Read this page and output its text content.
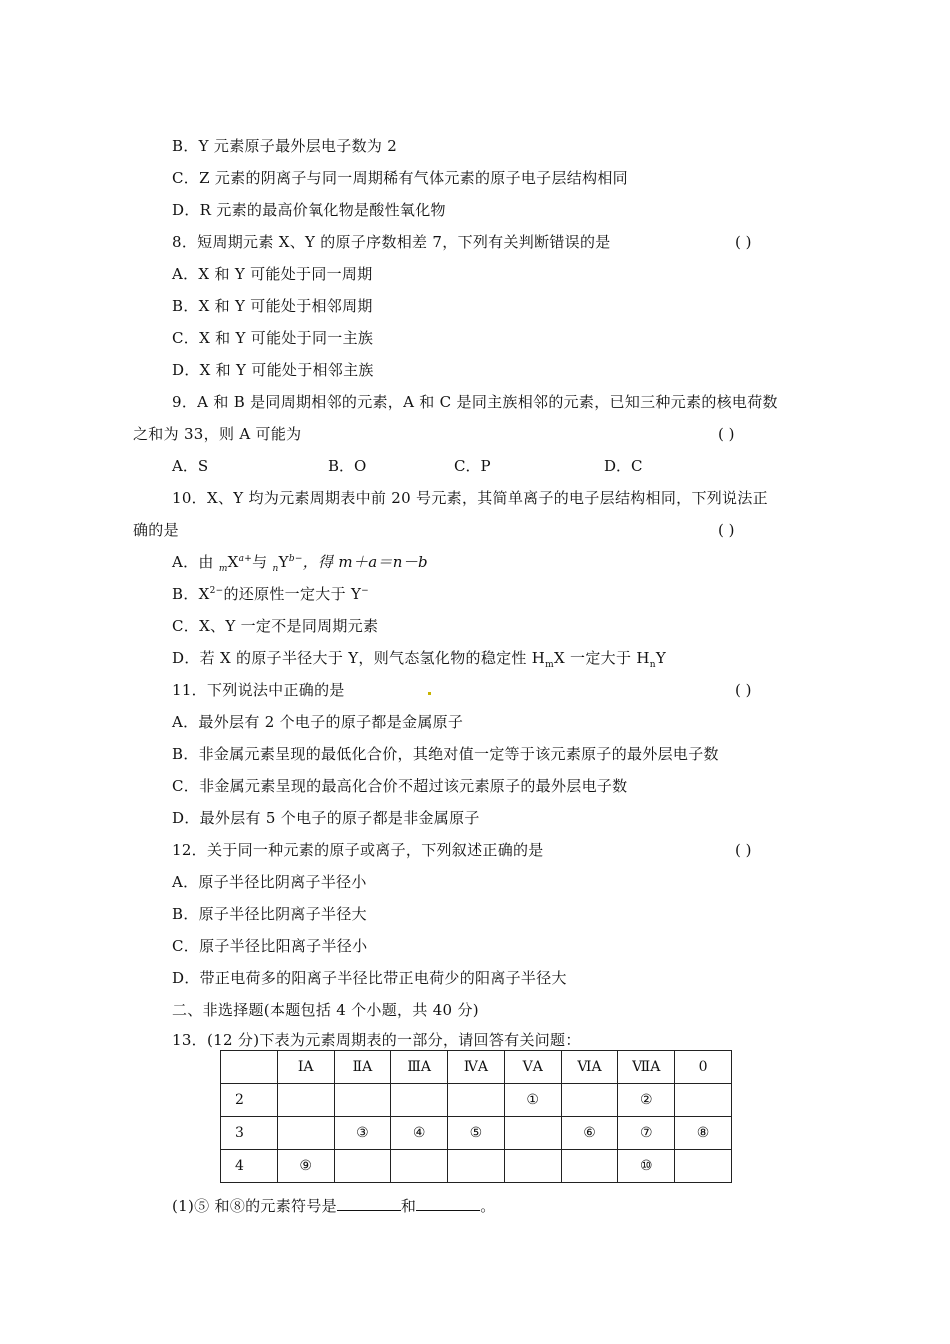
B．Y 元素原子最外层电子数为 2
C．Z 元素的阴离子与同一周期稀有气体元素的原子电子层结构相同
D．R 元素的最高价氧化物是酸性氧化物
8．短周期元素 X、Y 的原子序数相差 7，下列有关判断错误的是	( )
A．X 和 Y 可能处于同一周期
B．X 和 Y 可能处于相邻周期
C．X 和 Y 可能处于同一主族
D．X 和 Y 可能处于相邻主族
9．A 和 B 是同周期相邻的元素，A 和 C 是同主族相邻的元素，已知三种元素的核电荷数
之和为 33，则 A 可能为	( )
A．S	B．O	C．P	D．C
10．X、Y 均为元素周期表中前 20 号元素，其简单离子的电子层结构相同，下列说法正
确的是	( )
A．由 $_mX^{a+}$与 $_nY^{b-}$，得 m＋a＝n－b
B．$X^{2-}$的还原性一定大于 Y−
C．X、Y 一定不是同周期元素
D．若 X 的原子半径大于 Y，则气态氢化物的稳定性 $H_mX$ 一定大于 $H_nY$
11．下列说法中正确的是	( )
A．最外层有 2 个电子的原子都是金属原子
B．非金属元素呈现的最低化合价，其绝对值一定等于该元素原子的最外层电子数
C．非金属元素呈现的最高化合价不超过该元素原子的最外层电子数
D．最外层有 5 个电子的原子都是非金属原子
12．关于同一种元素的原子或离子，下列叙述正确的是	( )
A．原子半径比阴离子半径小
B．原子半径比阴离子半径大
C．原子半径比阳离子半径小
D．带正电荷多的阳离子半径比带正电荷少的阳离子半径大
二、非选择题(本题包括 4 个小题，共 40 分)
13．(12 分)下表为元素周期表的一部分，请回答有关问题：
	ⅠA	ⅡA	ⅢA	ⅣA	ⅤA	ⅥA	ⅦA	0
2					①		②	
3		③	④	⑤		⑥	⑦	⑧
4	⑨						⑩	
(1)⑤ 和⑧的元素符号是	和	。
